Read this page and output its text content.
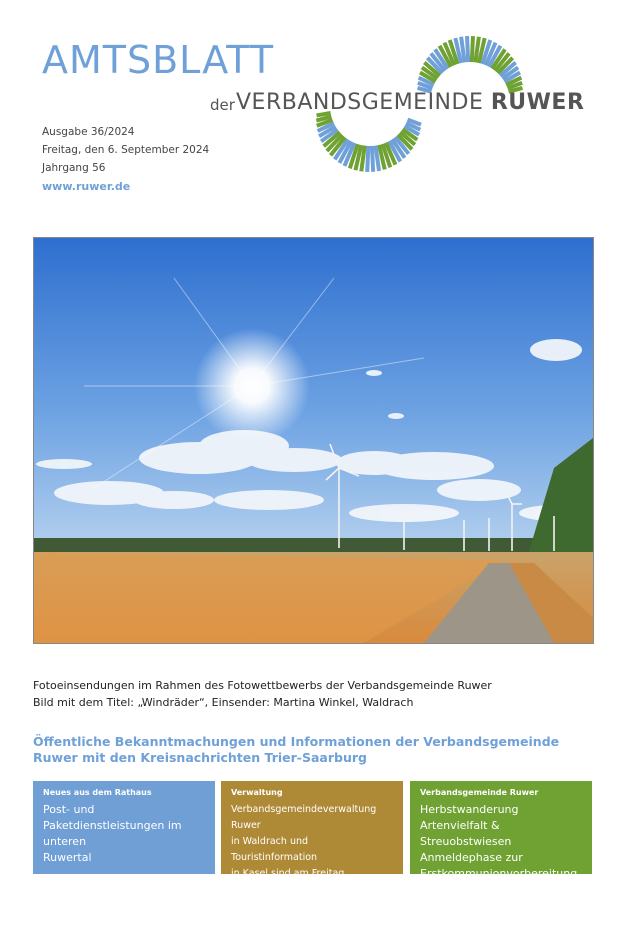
AMTSBLATT
der VERBANDSGEMEINDE RUWER
Ausgabe 36/2024
Freitag, den 6. September 2024
Jahrgang 56
www.ruwer.de
Fotoeinsendungen im Rahmen des Fotowettbewerbs der Verbandsgemeinde Ruwer
Bild mit dem Titel: „Windräder“, Einsender: Martina Winkel, Waldrach
Öffentliche Bekanntmachungen und Informationen der Verbandsgemeinde Ruwer mit den Kreisnachrichten Trier-Saarburg
Neues aus dem Rathaus
Post- und
Paketdienstleistungen im unteren
Ruwertal
Verwaltung
Verbandsgemeindeverwaltung Ruwer
in Waldrach und Touristinformation
in Kasel sind am Freitag, 20.09.2024
wegen Betriebsausflug geschlossen.
Verbandsgemeinde Ruwer
Herbstwanderung Artenvielfalt &
Streuobstwiesen
Anmeldephase zur
Erstkommunionvorbereitung
